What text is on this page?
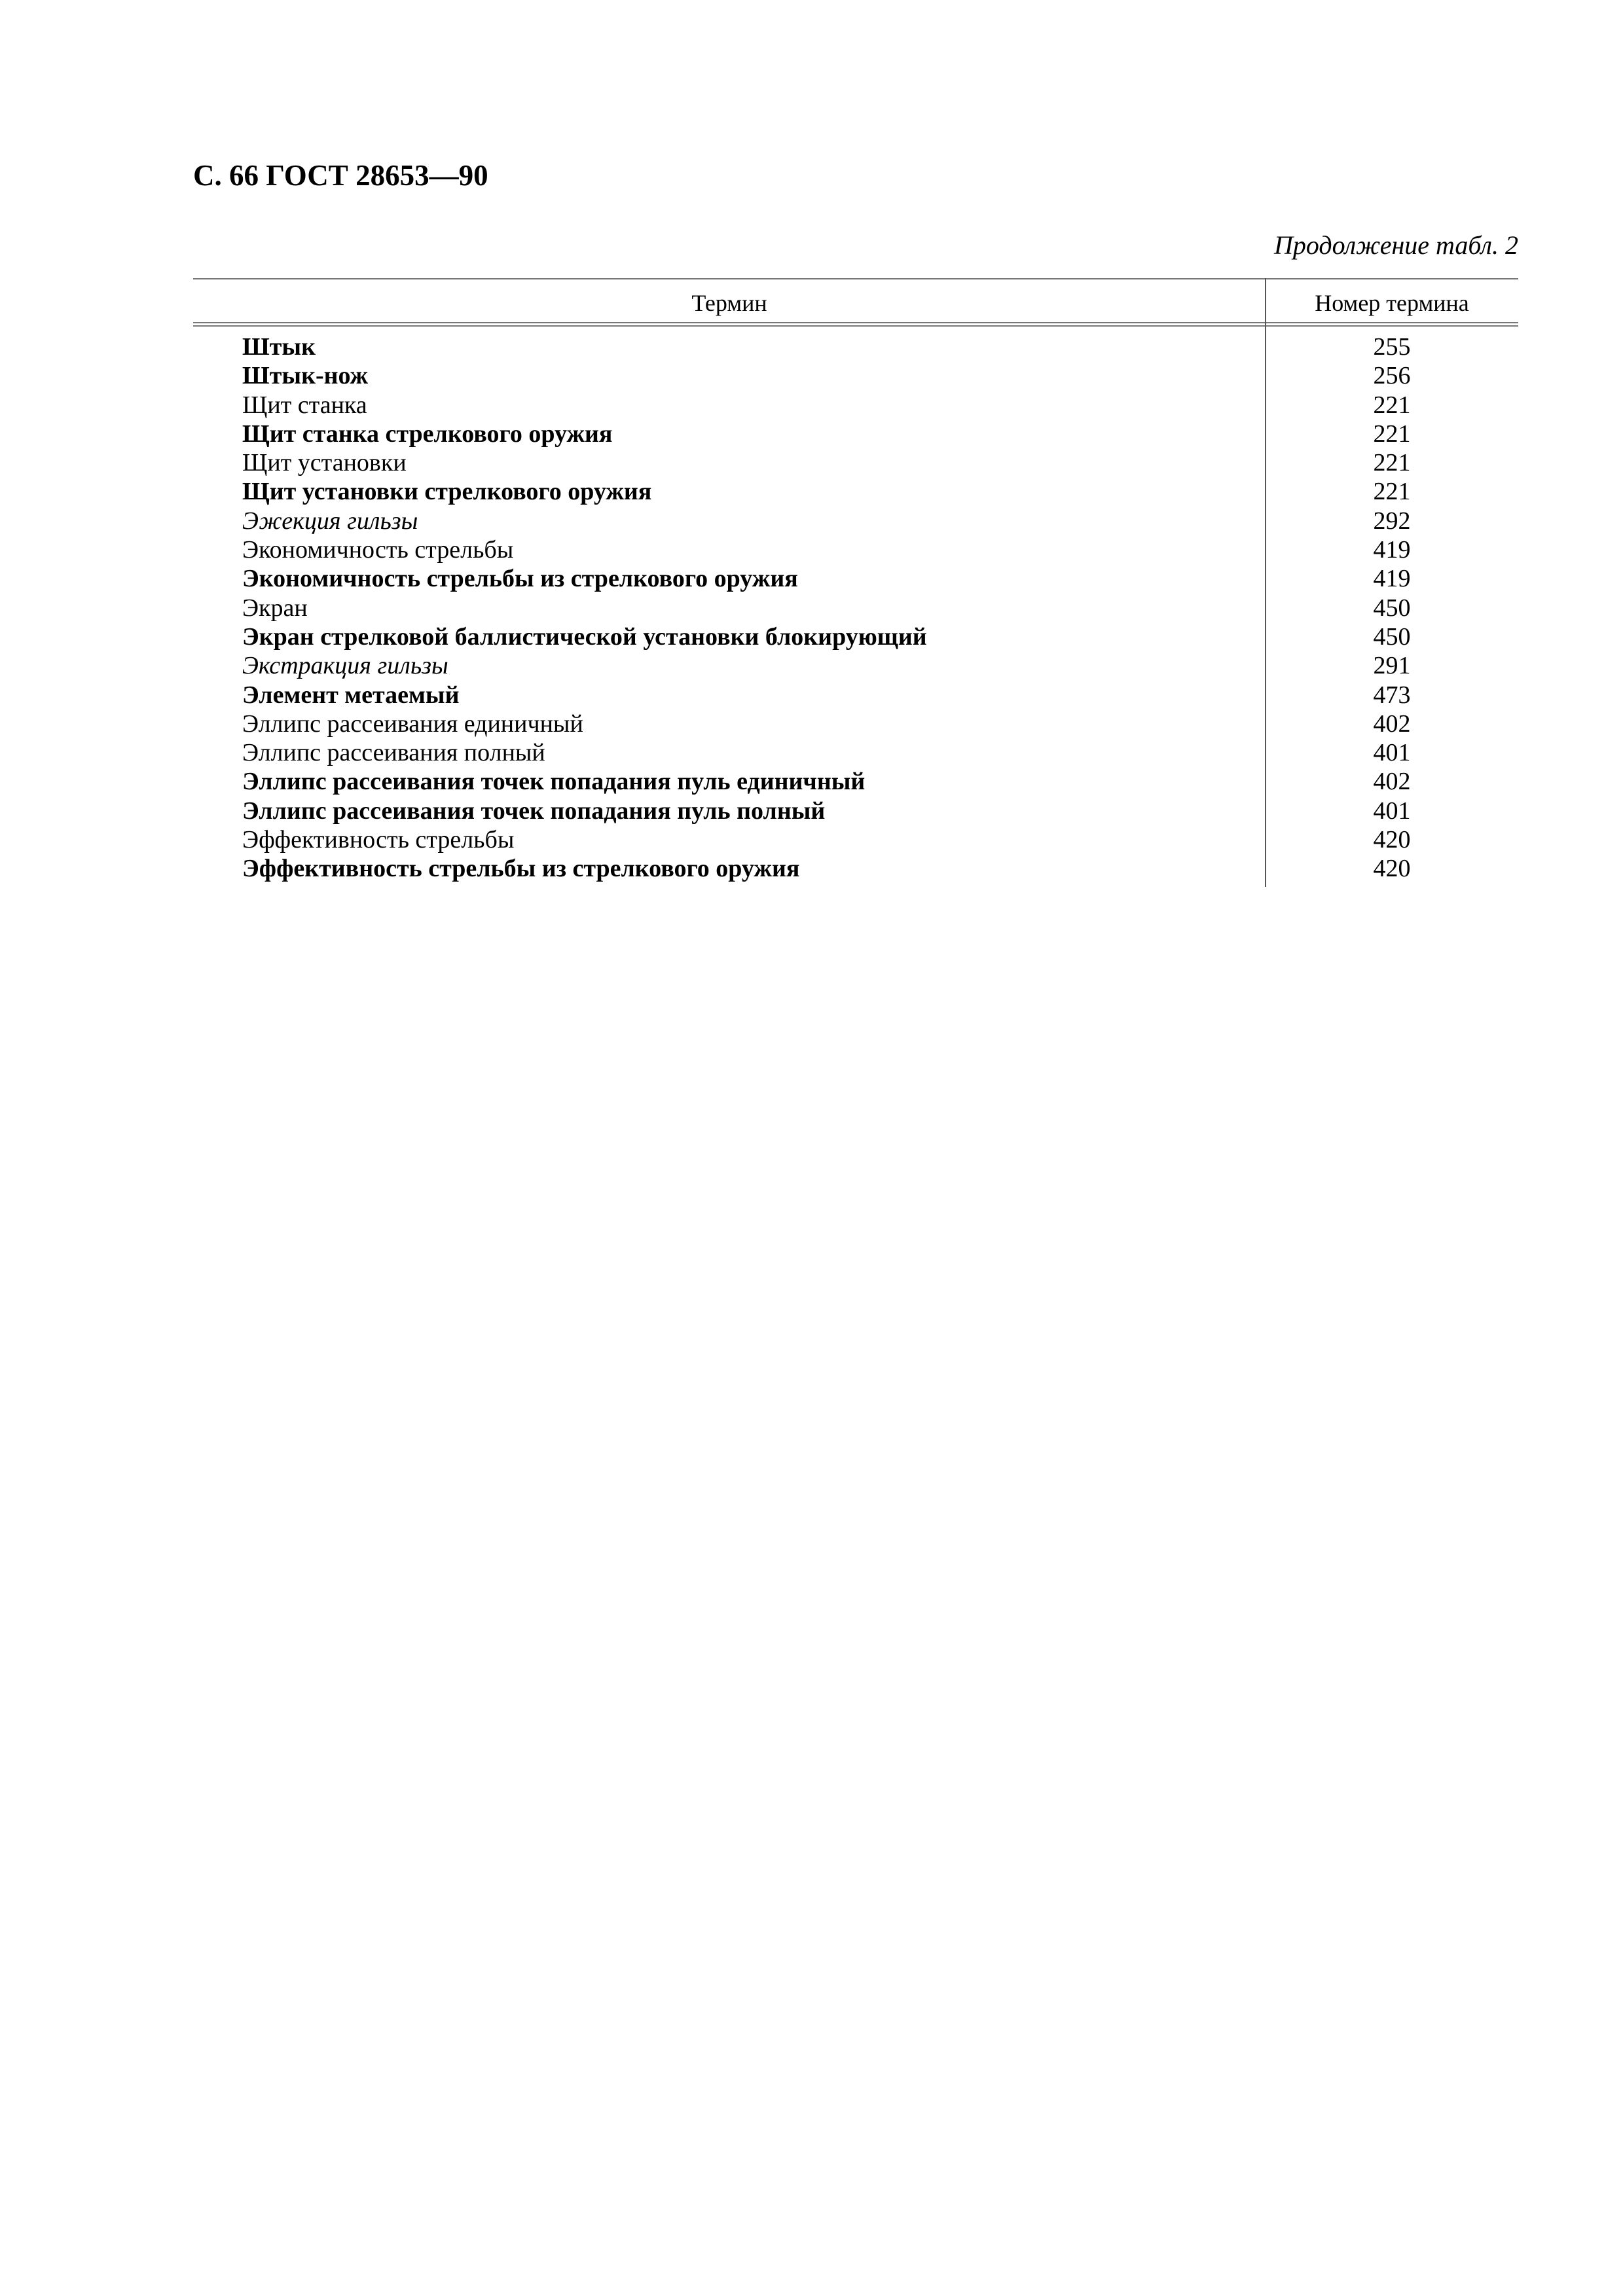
С. 66 ГОСТ 28653—90
Продолжение табл. 2
Термин	Номер термина
Штык	255
Штык-нож	256
Щит станка	221
Щит станка стрелкового оружия	221
Щит установки	221
Щит установки стрелкового оружия	221
Эжекция гильзы	292
Экономичность стрельбы	419
Экономичность стрельбы из стрелкового оружия	419
Экран	450
Экран стрелковой баллистической установки блокирующий	450
Экстракция гильзы	291
Элемент метаемый	473
Эллипс рассеивания единичный	402
Эллипс рассеивания полный	401
Эллипс рассеивания точек попадания пуль единичный	402
Эллипс рассеивания точек попадания пуль полный	401
Эффективность стрельбы	420
Эффективность стрельбы из стрелкового оружия	420
